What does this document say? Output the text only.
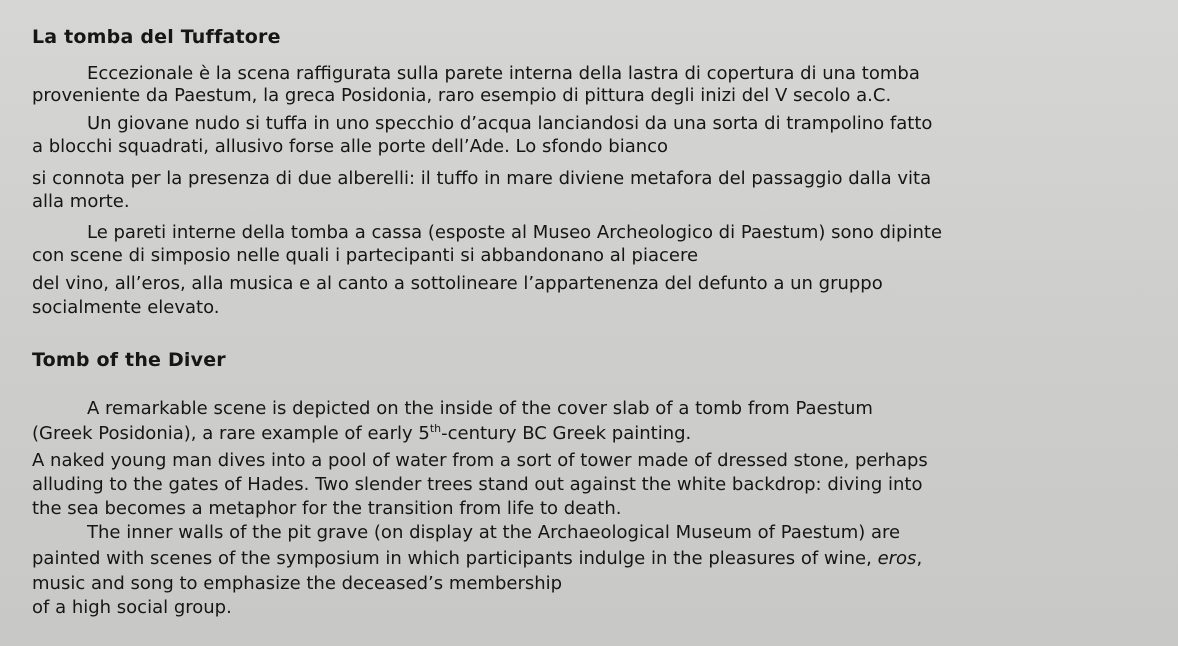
La tomba del Tuffatore

Eccezionale è la scena raffigurata sulla parete interna della lastra di copertura di una tomba

proveniente da Paestum, la greca Posidonia, raro esempio di pittura degli inizi del V secolo a.C.

Un giovane nudo si tuffa in uno specchio d’acqua lanciandosi da una sorta di trampolino fatto

a blocchi squadrati, allusivo forse alle porte dell’Ade. Lo sfondo bianco

si connota per la presenza di due alberelli: il tuffo in mare diviene metafora del passaggio dalla vita

alla morte.

Le pareti interne della tomba a cassa (esposte al Museo Archeologico di Paestum) sono dipinte

con scene di simposio nelle quali i partecipanti si abbandonano al piacere

del vino, all’eros, alla musica e al canto a sottolineare l’appartenenza del defunto a un gruppo

socialmente elevato.

Tomb of the Diver

A remarkable scene is depicted on the inside of the cover slab of a tomb from Paestum

(Greek Posidonia), a rare example of early 5th-century BC Greek painting.

A naked young man dives into a pool of water from a sort of tower made of dressed stone, perhaps

alluding to the gates of Hades. Two slender trees stand out against the white backdrop: diving into

the sea becomes a metaphor for the transition from life to death.

The inner walls of the pit grave (on display at the Archaeological Museum of Paestum) are

painted with scenes of the symposium in which participants indulge in the pleasures of wine, eros,

music and song to emphasize the deceased’s membership

of a high social group.
